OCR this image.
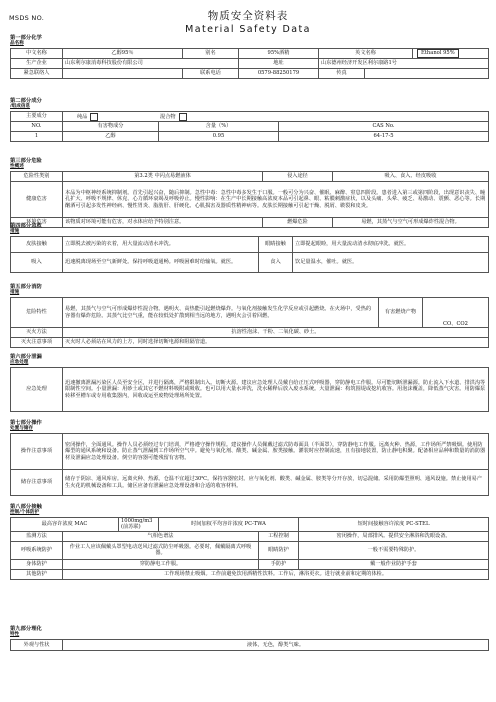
MSDS NO.	物质安全资料表
Material Safety Data
第一部分化学
品名称
中文名称	乙醇95％	别名	95%酒精	英文名称		Ethanol 95%
生产企业	山东利尔康消毒科技股份有限公司		地址	山东德州经济开发区利尔康路1号		
紧急联络人		联系电话	0579-88250179	传真		
第二部分成分
/组成信息
主要成分	纯品 混合物		
NO.	有害物成分	含量（%）	CAS No.
1	乙醇	0.95	64-17-5
第三部分危险
性概述
危险性类别	第3.2类 中闪点易燃液体	侵入途径	吸入、食入、经皮吸收
健康危害	本品为中枢神经系统抑制剂。首先引起兴奋，随后抑制。急性中毒：急性中毒多发生于口服。一般可分为兴奋、催眠、麻醉、窒息四阶段。患者进入第三或第四阶段，出现意识丧失、瞳孔扩大、呼吸不规律、休克、心力循环衰竭及呼吸停止。慢性影响：在生产中长期接触高浓度本品可引起鼻、眼、粘膜刺激症状，以及头痛、头晕、疲乏、易激动、震颤、恶心等。长期酗酒可引起多发性神经病、慢性胃炎、脂肪肝、肝硬化、心肌损害及器质性精神病等。皮肤长期接触可引起干燥、脱屑、皲裂和皮炎。		
环境危害	该物质对环境可能有危害，对水体应给予特别注意。	燃爆危险	易燃，其蒸气与空气可形成爆炸性混合物。
第四部分急救
措施
皮肤接触	立即脱去被污染的衣着，用大量流动清水冲洗。	眼睛接触	立即提起眼睑，用大量流动清水彻底冲洗。就医。
吸入	迅速脱离现场至空气新鲜处。保持呼吸道通畅。呼吸困难时给输氧。就医。	食入	饮足量温水，催吐。就医。
第五部分消防
措施
危险特性	易燃，其蒸气与空气可形成爆炸性混合物。遇明火、高热能引起燃烧爆炸。与氧化剂接触发生化学反应或引起燃烧。在火场中，受热的容器有爆炸危险。其蒸气比空气重，能在较低处扩散到相当远的地方，遇明火会引着回燃。	有害燃烧产物	CO、CO2
灭火方法	抗溶性泡沫、干粉、二氧化碳、砂土。		
灭火注意事项	灭火时人必须站在风力的上方，同时选择切断电源和阻隔管道。		
第六部分泄漏
应急处理
应急处理	迅速撤离泄漏污染区人员至安全区，并进行隔离，严格限制出入。切断火源。建议应急处理人员戴自给正压式呼吸器，穿防静电工作服。尽可能切断泄漏源。防止流入下水道、排洪沟等限制性空间。小量泄漏：用砂土或其它不燃材料吸附或吸收。也可以用大量水冲洗，洗水稀释后放入废水系统。大量泄漏：构筑围堤或挖坑收容。用泡沫覆盖，降低蒸气灾害。用防爆泵转移至槽车或专用收集器内，回收或运至废物处理场所处置。
第七部分操作
处置与储存
操作注意事项	密闭操作，全面通风。操作人员必须经过专门培训，严格遵守操作规程。建议操作人员佩戴过滤式防毒面具（半面罩），穿防静电工作服。远离火种、热源，工作场所严禁吸烟。使用防爆型的通风系统和设备。防止蒸气泄漏到工作场所空气中。避免与氧化剂、酸类、碱金属、胺类接触。灌装时应控制流速，且有接地装置，防止静电积聚。配备相应品种和数量的消防器材及泄漏应急处理设备。倒空的容器可能残留有害物。
储存注意事项	储存于阴凉、通风库房。远离火种、热源。仓温不宜超过30℃。保持容器密封。应与氧化剂、酸类、碱金属、胺类等分开存放，切忌混储。采用防爆型照明、通风设施。禁止使用易产生火花的机械设备和工具。储区应备有泄漏应急处理设备和合适的收容材料。
第八部分接触
控制/个体防护
最高容许浓度 MAC		1000mg/m3 (前苏联)	时间加权平均容许浓度 PC-TWA		短时间接触容许浓度 PC-STEL
监测方法	气相色谱法			工程控制	密闭操作，局部排风。提供安全淋浴和洗眼设备。
呼吸系统防护	作业工人应该佩戴头罩型电动送风过滤式防尘呼吸器。必要时，佩戴隔离式呼吸器。			眼睛防护	一般不需要特殊防护。
身体防护	穿防静电工作服。			手防护	戴一般作业防护手套
其他防护	工作现场禁止吸烟。工作前避免饮用酒精性饮料。工作后，淋浴更衣。进行就业前和定期的体检。				
第九部分理化
特性
外观与性状	液体，无色，醇类气味。
